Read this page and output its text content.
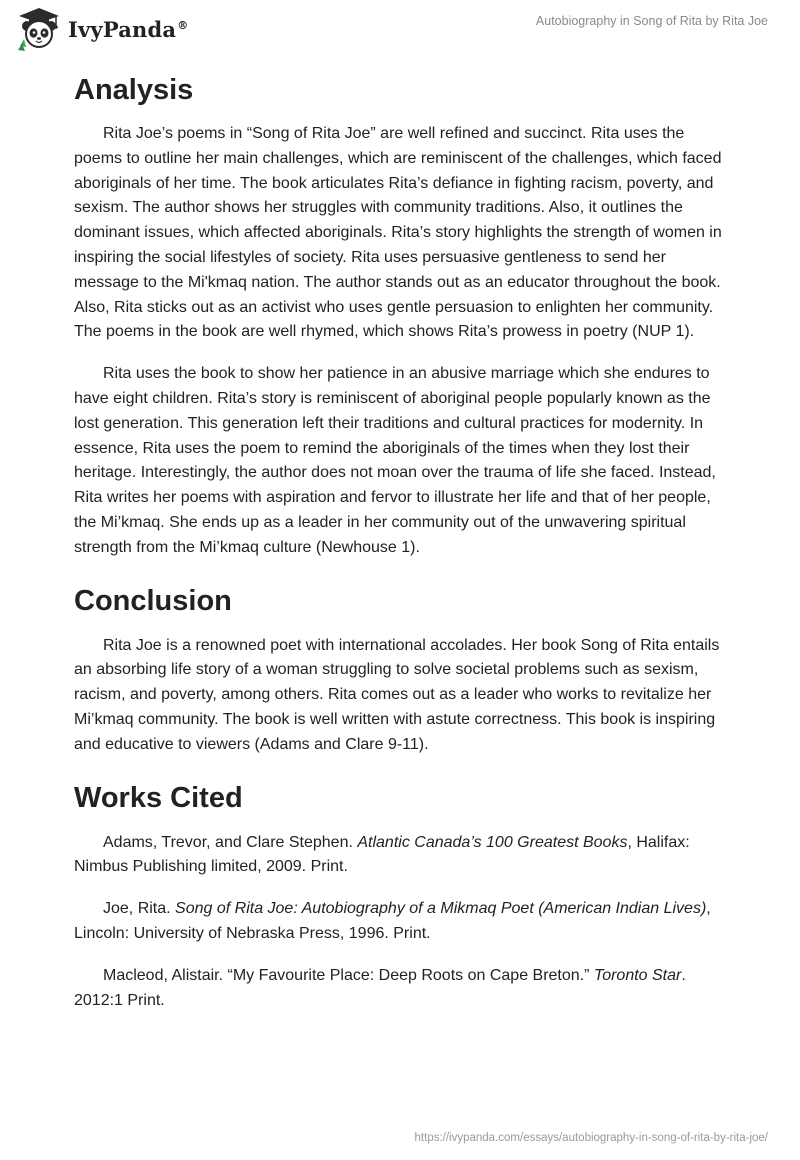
IvyPanda®	Autobiography in Song of Rita by Rita Joe
Analysis

Rita Joe’s poems in “Song of Rita Joe” are well refined and succinct. Rita uses the poems to outline her main challenges, which are reminiscent of the challenges, which faced aboriginals of her time. The book articulates Rita’s defiance in fighting racism, poverty, and sexism. The author shows her struggles with community traditions. Also, it outlines the dominant issues, which affected aboriginals. Rita’s story highlights the strength of women in inspiring the social lifestyles of society. Rita uses persuasive gentleness to send her message to the Mi'kmaq nation. The author stands out as an educator throughout the book. Also, Rita sticks out as an activist who uses gentle persuasion to enlighten her community. The poems in the book are well rhymed, which shows Rita’s prowess in poetry (NUP 1).

Rita uses the book to show her patience in an abusive marriage which she endures to have eight children. Rita’s story is reminiscent of aboriginal people popularly known as the lost generation. This generation left their traditions and cultural practices for modernity. In essence, Rita uses the poem to remind the aboriginals of the times when they lost their heritage. Interestingly, the author does not moan over the trauma of life she faced. Instead, Rita writes her poems with aspiration and fervor to illustrate her life and that of her people, the Mi’kmaq. She ends up as a leader in her community out of the unwavering spiritual strength from the Mi’kmaq culture (Newhouse 1).

Conclusion

Rita Joe is a renowned poet with international accolades. Her book Song of Rita entails an absorbing life story of a woman struggling to solve societal problems such as sexism, racism, and poverty, among others. Rita comes out as a leader who works to revitalize her Mi’kmaq community. The book is well written with astute correctness. This book is inspiring and educative to viewers (Adams and Clare 9-11).

Works Cited

Adams, Trevor, and Clare Stephen. Atlantic Canada’s 100 Greatest Books, Halifax: Nimbus Publishing limited, 2009. Print.

Joe, Rita. Song of Rita Joe: Autobiography of a Mikmaq Poet (American Indian Lives), Lincoln: University of Nebraska Press, 1996. Print.

Macleod, Alistair. “My Favourite Place: Deep Roots on Cape Breton.” Toronto Star. 2012:1 Print.

https://ivypanda.com/essays/autobiography-in-song-of-rita-by-rita-joe/
